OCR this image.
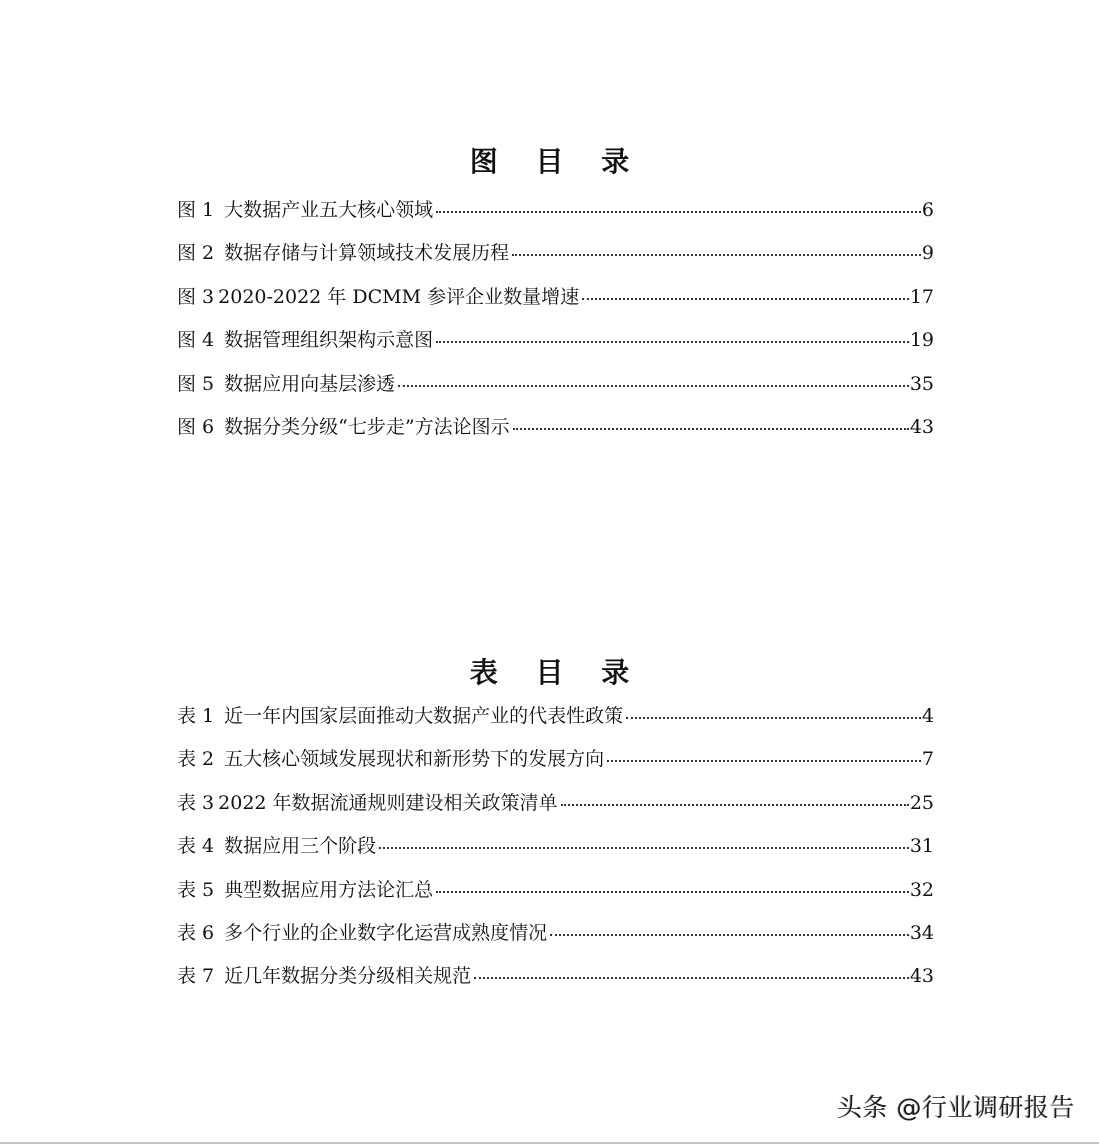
图 目 录
图 1 大数据产业五大核心领域	6
图 2 数据存储与计算领域技术发展历程	9
图 3 2020-2022 年 DCMM 参评企业数量增速	17
图 4 数据管理组织架构示意图	19
图 5 数据应用向基层渗透	35
图 6 数据分类分级“七步走”方法论图示	43
表 目 录
表 1 近一年内国家层面推动大数据产业的代表性政策	4
表 2 五大核心领域发展现状和新形势下的发展方向	7
表 3 2022 年数据流通规则建设相关政策清单	25
表 4 数据应用三个阶段	31
表 5 典型数据应用方法论汇总	32
表 6 多个行业的企业数字化运营成熟度情况	34
表 7 近几年数据分类分级相关规范	43
头条 @行业调研报告
